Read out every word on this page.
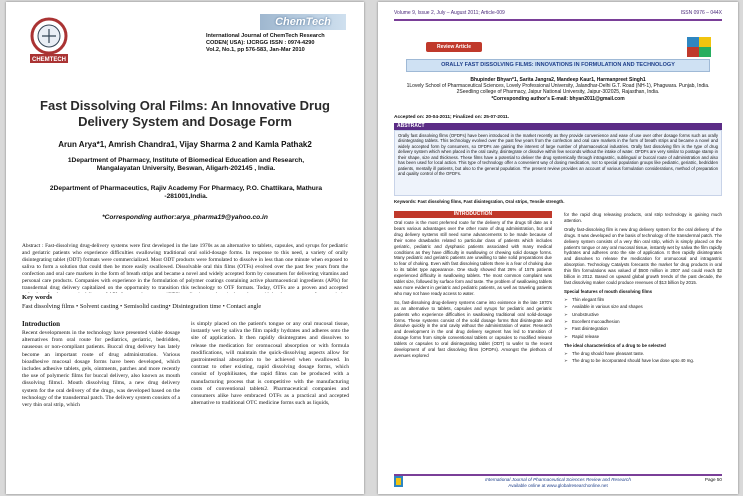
CHEMTECH
ChemTech
International Journal of ChemTech Research
CODEN( USA): IJCRGG ISSN : 0974-4290
Vol.2, No.1, pp 576-583, Jan-Mar 2010
Fast Dissolving Oral Films: An Innovative Drug Delivery System and Dosage Form
Arun Arya*1, Amrish Chandra1, Vijay Sharma 2 and Kamla Pathak2
1Department of Pharmacy, Institute of Biomedical Education and Research, Mangalayatan University, Beswan, Aligarh-202145 , India.
2Department of Pharmaceutics, Rajiv Academy For Pharmacy, P.O. Chattikara, Mathura -281001,India.
*Corresponding author:arya_pharma19@yahoo.co.in
Abstract : Fast-dissolving drug-delivery systems were first developed in the late 1970s as an alternative to tablets, capsules, and syrups for pediatric and geriatric patients who experience difficulties swallowing traditional oral solid-dosage forms. In response to this need, a variety of orally disintegrating tablet (ODT) formats were commercialized. Most ODT products were formulated to dissolve in less than one minute when exposed to saliva to form a solution that could then be more easily swallowed. Dissolvable oral thin films (OTFs) evolved over the past few years from the confection and oral care markets in the form of breath strips and became a novel and widely accepted form by consumers for delivering vitamins and personal care products. Companies with experience in the formulation of polymer coatings containing active pharmaceutical ingredients (APIs) for transdermal drug delivery capitalized on the opportunity to transition this technology to OTF formats. Today, OTFs are a proven and accepted
Key words
Fast dissolving films • Solvent casting • Semisolid casting• Disintegration time • Contact angle
Introduction
Recent developments in the technology have presented viable dosage alternatives from oral route for pediatrics, geriatric, bedridden, nauseous or non-compliant patients. Buccal drug delivery has lately become an important route of drug administration. Various bioadhesive mucosal dosage forms have been developed, which includes adhesive tablets, gels, ointments, patches and more recently the use of polymeric films for buccal delivery, also known as mouth dissolving films1. Mouth dissolving films, a new drug delivery system for the oral delivery of the drugs, was developed based on the technology of the transdermal patch. The delivery system consists of a very thin oral strip, which
is simply placed on the patient's tongue or any oral mucosal tissue, instantly wet by saliva the film rapidly hydrates and adheres onto the site of application. It then rapidly disintegrates and dissolves to release the medication for oromucosal absorption or with formula modifications, will maintain the quick-dissolving aspects allow for gastrointestinal absorption to be achieved when swallowed. In contrast to other existing, rapid dissolving dosage forms, which consist of lyophilisates, the rapid films can be produced with a manufacturing process that is competitive with the manufacturing costs of conventional tablets2. Pharmaceutical companies and consumers alike have embraced OTFs as a practical and accepted alternative to traditional OTC medicine forms such as liquids,
Volume 9, Issue 2, July – August 2011; Article-009	ISSN 0976 – 044X
Review Article
ORALLY FAST DISSOLVING FILMS: INNOVATIONS IN FORMULATION AND TECHNOLOGY
Bhupinder Bhyan*1, Sarita Jangra2, Mandeep Kaur1, Harmanpreet Singh1
1Lovely School of Pharmaceutical Sciences, Lovely Professional University, Jalandhar-Delhi G.T. Road (NH-1), Phagwara. Punjab, India.
2Seedling college of Pharmacy, Jaipur National University, Jaipur-302025, Rajasthan, India.
*Corresponding author's E-mail: bhyan2011@gmail.com
Accepted on: 20-04-2011; Finalized on: 25-07-2011.
ABSTRACT
Orally fast dissolving films (OFDFs) have been introduced in the market recently as they provide convenience and ease of use over other dosage forms such as orally disintegrating tablets. This technology evolved over the past few years from the confection and oral care markets in the form of breath strips and became a novel and widely accepted form by consumers, so OFDFs are gaining the interest of large number of pharmaceutical industries. Orally fast dissolving film is the type of drug delivery system which when placed in the oral cavity, disintegrate or dissolve within few seconds without the intake of water. OFDFs are very similar to postage stamp in their shape, size and thickness. These films have a potential to deliver the drug systemically through intragastric, sublingual or buccal route of administration and also has been used for local action. This type of technology offer a convenient way of dosing medication, not to special population groups like pediatric, geriatric, bedridden patients, mentally ill patients, but also to the general population. The present review provides an account of various formulation considerations, method of preparation and quality control of the OFDFs.
Keywords: Fast dissolving films, Fast disintegration, Oral strips, Tensile strength.
INTRODUCTION

Oral route is the most preferred route for the delivery of the drugs till date as it bears various advantages over the other route of drug administration, but oral drug delivery systems still need some advancements to be made because of their some drawbacks related to particular class of patients which includes geriatric, pediatric and dysphasic patients associated with many medical conditions as they have difficulty in swallowing or chewing solid dosage forms. Many pediatric and geriatric patients are unwilling to take solid preparations due to fear of choking. Even with fast dissolving tablets there is a fear of choking due to its tablet type appearance. One study showed that 26% of 1576 patients experienced difficulty in swallowing tablets. The most common complaint was tablet size, followed by surface form and taste. The problem of swallowing tablets was more evident in geriatric and pediatric patients, as well as traveling patients who may not have ready access to water.

So, fast-dissolving drug-delivery systems came into existence in the late 1970's as an alternative to tablets, capsules and syrups for pediatric and geriatric patients who experience difficulties in swallowing traditional oral solid-dosage forms. These systems consist of the solid dosage forms that disintegrate and dissolve quickly in the oral cavity without the administration of water. Research and development in the oral drug delivery segment has led to transition of dosage forms from simple conventional tablets or capsules to modified release tablets or capsules to oral disintegrating tablet (ODT) to wafer to the recent development of oral fast dissolving films (OFDFs). Amongst the plethora of avenues explored

for the rapid drug releasing products, oral strip technology is gaining much attention.

Orally fast-dissolving film is new drug delivery system for the oral delivery of the drugs. It was developed on the basis of technology of the transdermal patch. The delivery system consists of a very thin oral strip, which is simply placed on the patient's tongue or any oral mucosal tissue, instantly wet by saliva the film rapidly hydrates and adheres onto the site of application. It then rapidly disintegrates and dissolves to release the medication for oromucosal and intragastric absorption. Technology Catalysts forecasts the market for drug products in oral thin film formulations was valued of $500 million in 2007 and could reach $2 billion in 2012. Based on upward global growth trends of the past decade, the fast dissolving maker could produce revenues of $13 billion by 2015.

Special features of mouth dissolving films
➢ Thin elegant film
➢ Available in various size and shapes
➢ Unobstructive
➢ Excellent mucoadhesion
➢ Fast disintegration
➢ Rapid release
The ideal characteristics of a drug to be selected
➢ The drug should have pleasant taste.
➢ The drug to be incorporated should have low dose upto 40 mg.
International Journal of Pharmaceutical Sciences Review and Research
Available online at www.globalresearchonline.net
Page 50
